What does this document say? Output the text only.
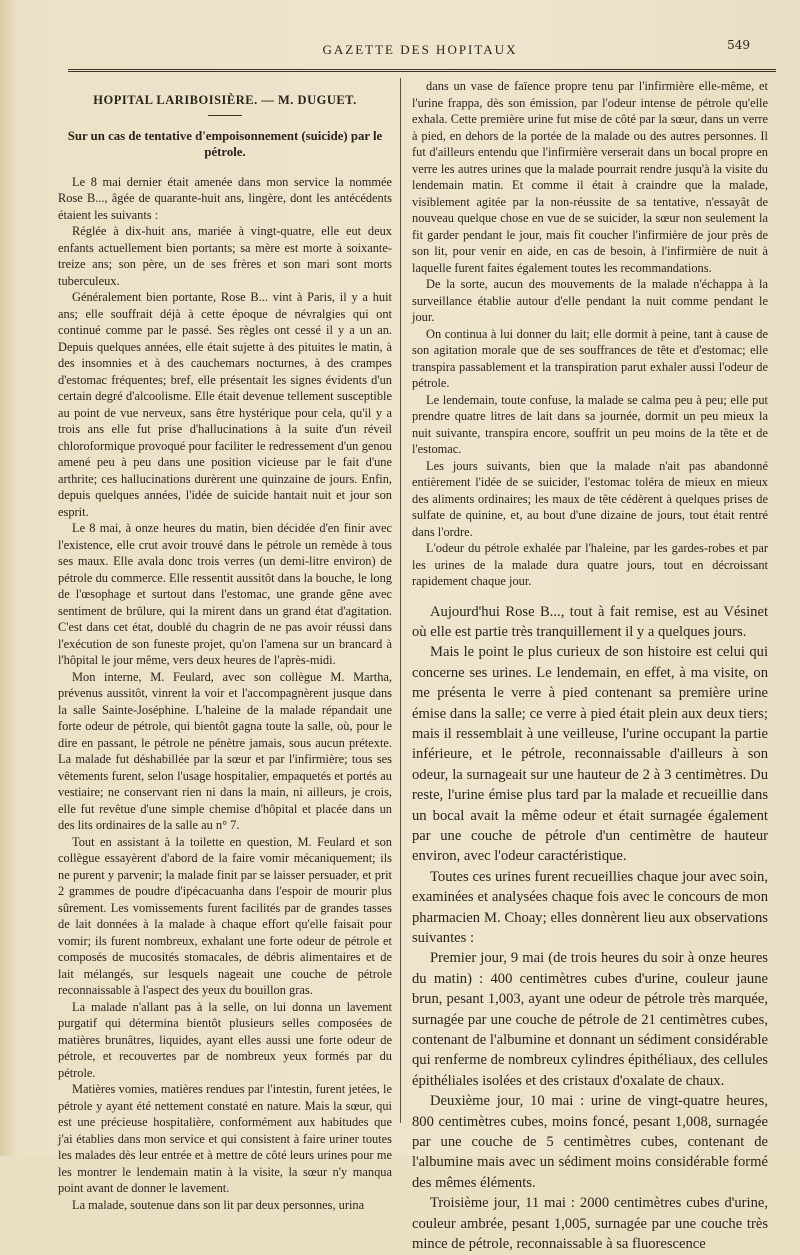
GAZETTE DES HOPITAUX	549
HOPITAL LARIBOISIÈRE. — M. DUGUET.
Sur un cas de tentative d'empoisonnement (suicide) par le pétrole.

Le 8 mai dernier était amenée dans mon service la nommée Rose B..., âgée de quarante-huit ans, lingère, dont les antécédents étaient les suivants :

Réglée à dix-huit ans, mariée à vingt-quatre, elle eut deux enfants actuellement bien portants; sa mère est morte à soixante-treize ans; son père, un de ses frères et son mari sont morts tuberculeux.

Généralement bien portante, Rose B... vint à Paris, il y a huit ans; elle souffrait déjà à cette époque de névralgies qui ont continué comme par le passé. Ses règles ont cessé il y a un an. Depuis quelques années, elle était sujette à des pituites le matin, à des insomnies et à des cauchemars nocturnes, à des crampes d'estomac fréquentes; bref, elle présentait les signes évidents d'un certain degré d'alcoolisme. Elle était devenue tellement susceptible au point de vue nerveux, sans être hystérique pour cela, qu'il y a trois ans elle fut prise d'hallucinations à la suite d'un réveil chloroformique provoqué pour faciliter le redressement d'un genou amené peu à peu dans une position vicieuse par le fait d'une arthrite; ces hallucinations durèrent une quinzaine de jours. Enfin, depuis quelques années, l'idée de suicide hantait nuit et jour son esprit.

Le 8 mai, à onze heures du matin, bien décidée d'en finir avec l'existence, elle crut avoir trouvé dans le pétrole un remède à tous ses maux. Elle avala donc trois verres (un demi-litre environ) de pétrole du commerce. Elle ressentit aussitôt dans la bouche, le long de l'œsophage et surtout dans l'estomac, une grande gêne avec sentiment de brûlure, qui la mirent dans un grand état d'agitation. C'est dans cet état, doublé du chagrin de ne pas avoir réussi dans l'exécution de son funeste projet, qu'on l'amena sur un brancard à l'hôpital le jour même, vers deux heures de l'après-midi.

Mon interne, M. Feulard, avec son collègue M. Martha, prévenus aussitôt, vinrent la voir et l'accompagnèrent jusque dans la salle Sainte-Joséphine. L'haleine de la malade répandait une forte odeur de pétrole, qui bientôt gagna toute la salle, où, pour le dire en passant, le pétrole ne pénètre jamais, sous aucun prétexte. La malade fut déshabillée par la sœur et par l'infirmière; tous ses vêtements furent, selon l'usage hospitalier, empaquetés et portés au vestiaire; ne conservant rien ni dans la main, ni ailleurs, je crois, elle fut revêtue d'une simple chemise d'hôpital et placée dans un des lits ordinaires de la salle au n° 7.

Tout en assistant à la toilette en question, M. Feulard et son collègue essayèrent d'abord de la faire vomir mécaniquement; ils ne purent y parvenir; la malade finit par se laisser persuader, et prit 2 grammes de poudre d'ipécacuanha dans l'espoir de mourir plus sûrement. Les vomissements furent facilités par de grandes tasses de lait données à la malade à chaque effort qu'elle faisait pour vomir; ils furent nombreux, exhalant une forte odeur de pétrole et composés de mucosités stomacales, de débris alimentaires et de lait mélangés, sur lesquels nageait une couche de pétrole reconnaissable à l'aspect des yeux du bouillon gras.

La malade n'allant pas à la selle, on lui donna un lavement purgatif qui détermina bientôt plusieurs selles composées de matières brunâtres, liquides, ayant elles aussi une forte odeur de pétrole, et recouvertes par de nombreux yeux formés par du pétrole.

Matières vomies, matières rendues par l'intestin, furent jetées, le pétrole y ayant été nettement constaté en nature. Mais la sœur, qui est une précieuse hospitalière, conformément aux habitudes que j'ai établies dans mon service et qui consistent à faire uriner toutes les malades dès leur entrée et à mettre de côté leurs urines pour me les montrer le lendemain matin à la visite, la sœur n'y manqua point avant de donner le lavement.

La malade, soutenue dans son lit par deux personnes, urina

dans un vase de faïence propre tenu par l'infirmière elle-même, et l'urine frappa, dès son émission, par l'odeur intense de pétrole qu'elle exhala. Cette première urine fut mise de côté par la sœur, dans un verre à pied, en dehors de la portée de la malade ou des autres personnes. Il fut d'ailleurs entendu que l'infirmière verserait dans un bocal propre en verre les autres urines que la malade pourrait rendre jusqu'à la visite du lendemain matin. Et comme il était à craindre que la malade, visiblement agitée par la non-réussite de sa tentative, n'essayât de nouveau quelque chose en vue de se suicider, la sœur non seulement la fit garder pendant le jour, mais fit coucher l'infirmière de jour près de son lit, pour venir en aide, en cas de besoin, à l'infirmière de nuit à laquelle furent faites également toutes les recommandations.

De la sorte, aucun des mouvements de la malade n'échappa à la surveillance établie autour d'elle pendant la nuit comme pendant le jour.

On continua à lui donner du lait; elle dormit à peine, tant à cause de son agitation morale que de ses souffrances de tête et d'estomac; elle transpira passablement et la transpiration parut exhaler aussi l'odeur de pétrole.

Le lendemain, toute confuse, la malade se calma peu à peu; elle put prendre quatre litres de lait dans sa journée, dormit un peu mieux la nuit suivante, transpira encore, souffrit un peu moins de la tête et de l'estomac.

Les jours suivants, bien que la malade n'ait pas abandonné entièrement l'idée de se suicider, l'estomac toléra de mieux en mieux des aliments ordinaires; les maux de tête cédèrent à quelques prises de sulfate de quinine, et, au bout d'une dizaine de jours, tout était rentré dans l'ordre.

L'odeur du pétrole exhalée par l'haleine, par les gardes-robes et par les urines de la malade dura quatre jours, tout en décroissant rapidement chaque jour.

Aujourd'hui Rose B..., tout à fait remise, est au Vésinet où elle est partie très tranquillement il y a quelques jours.

Mais le point le plus curieux de son histoire est celui qui concerne ses urines. Le lendemain, en effet, à ma visite, on me présenta le verre à pied contenant sa première urine émise dans la salle; ce verre à pied était plein aux deux tiers; mais il ressemblait à une veilleuse, l'urine occupant la partie inférieure, et le pétrole, reconnaissable d'ailleurs à son odeur, la surnageait sur une hauteur de 2 à 3 centimètres. Du reste, l'urine émise plus tard par la malade et recueillie dans un bocal avait la même odeur et était surnagée également par une couche de pétrole d'un centimètre de hauteur environ, avec l'odeur caractéristique.

Toutes ces urines furent recueillies chaque jour avec soin, examinées et analysées chaque fois avec le concours de mon pharmacien M. Choay; elles donnèrent lieu aux observations suivantes :

Premier jour, 9 mai (de trois heures du soir à onze heures du matin) : 400 centimètres cubes d'urine, couleur jaune brun, pesant 1,003, ayant une odeur de pétrole très marquée, surnagée par une couche de pétrole de 21 centimètres cubes, contenant de l'albumine et donnant un sédiment considérable qui renferme de nombreux cylindres épithéliaux, des cellules épithéliales isolées et des cristaux d'oxalate de chaux.

Deuxième jour, 10 mai : urine de vingt-quatre heures, 800 centimètres cubes, moins foncé, pesant 1,008, surnagée par une couche de 5 centimètres cubes, contenant de l'albumine mais avec un sédiment moins considérable formé des mêmes éléments.

Troisième jour, 11 mai : 2000 centimètres cubes d'urine, couleur ambrée, pesant 1,005, surnagée par une couche très mince de pétrole, reconnaissable à sa fluorescence
